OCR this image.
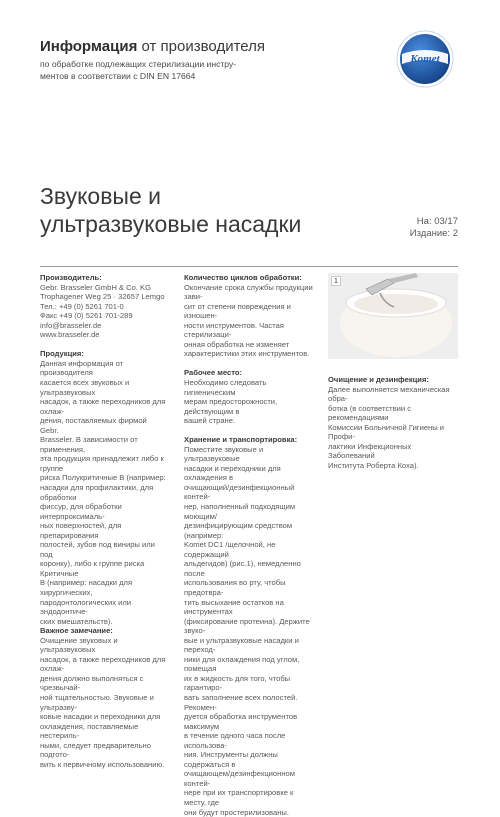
Информация от производителя
по обработке подлежащих стерилизации инстру-
ментов в соответствии с DIN EN 17664
Komet
Звуковые и
ультразвуковые насадки	На: 03/17
Издание: 2
Производитель:
Gebr. Brasseler GmbH & Co. KG
Trophagener Weg 25 · 32657 Lemgo
Тел.: +49 (0) 5261 701-0
Факс +49 (0) 5261 701-289
info@brasseler.de
www.brasseler.de
Продукция:
Данная информация от производителя
касается всех звуковых и ультразвуковых
насадок, а также переходников для охлаж-
дения, поставляемых фирмой Gebr.
Brasseler. В зависимости от применения,
эта продукция принадлежит либо к группе
риска Полукритичные B (например:
насадки для профилактики, для обработки
фиссур, для обработки интерпроксималь-
ных поверхностей, для препарирования
полостей, зубов под виниры или под
коронку), либо к группе риска Критичные
B (например: насадки для хирургических,
пародонтологических или эндодонтиче-
ских вмешательств).
Важное замечание:
Очищение звуковых и ультразвуковых
насадок, а также переходников для охлаж-
дения должно выполняться с чрезвычай-
ной тщательностью. Звуковые и ультразву-
ковые насадки и переходники для
охлаждения, поставляемые нестериль-
ными, следует предварительно подгото-
вить к первичному использованию.
Количество циклов обработки:
Окончание срока службы продукции зави-
сит от степени повреждения и изношен-
ности инструментов. Частая стерилизаци-
онная обработка не изменяет
характеристики этих инструментов.
Рабочее место:
Необходимо следовать гигиеническим
мерам предосторожности, действующим в
вашей стране.
Хранение и транспортировка:
Поместите звуковые и ультразвуковые
насадки и переходники для охлаждения в
очищающий/дезинфекционный контей-
нер, наполненный подходящим моющим/
дезинфицирующим средством (например:
Komet DC1 /щелочной, не содержащий
альдегидов) (рис.1), немедленно после
использования во рту, чтобы предотвра-
тить высыхание остатков на инструментах
(фиксирование протеина). Держите звуко-
вые и ультразвуковые насадки и переход-
ники для охлаждения под углом, помещая
их в жидкость для того, чтобы гарантиро-
вать заполнение всех полостей. Рекомен-
дуется обработка инструментов максимум
в течение одного часа после использова-
ния. Инструменты должны содержаться в
очищающем/дезинфекционном контей-
нере при их транспортировке к месту, где
они будут простерилизованы.
1
Очищение и дезинфекция:
Далее выполняется механическая обра-
ботка (в соответствии с рекомендациями
Комиссии Больничной Гигиены и Профи-
лактики Инфекционных Заболеваний
Института Роберта Коха).
